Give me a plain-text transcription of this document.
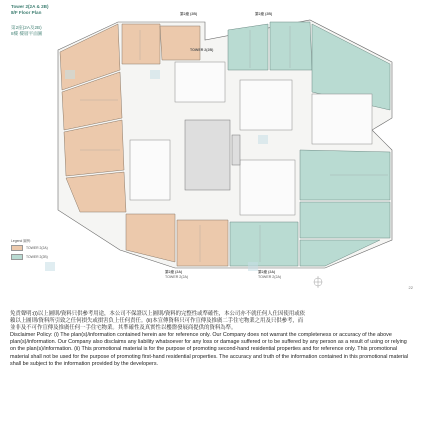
Tower 2(2A & 2B)
8/F Floor Plan
第2座(2A及2B)
8樓 樓層平面圖
第2座 (2B)	第2座 (2B)
TOWER 2(2B)
第2座 (2A)
TOWER 2(2A)
第2座 (2A)
TOWER 2(2A)
Legend 圖例:
TOWER 2(2A)
TOWER 2(2B)
22

免責聲明:(i)以上圖則/資料只供參考用途，本公司不保證以上圖則/資料的完整性或準確性，本公司亦不就任何人仕因使用或依

賴以上圖則/資料所引致之任何損失或損害負上任何責任。(ii)本宣傳資料只可作宣傳及推廣二手住宅物業之用及只供參考，而

並非及不可作宣傳及推廣任何一手住宅物業。其準確性及真實性以樓盤發展商提供的資料為準。

Disclaimer Policy: (i) The plan(s)/information contained herein are for reference only. Our Company does not warrant the completeness or accuracy of the above plan(s)/information. Our Company also disclaims any liability whatsoever for any loss or damage suffered or to be suffered by any person as a result of using or relying on the plan(s)/information. (ii) This promotional material is for the purpose of promoting second-hand residential properties and for reference only. This promotional material shall not be used for the purpose of promoting first-hand residential properties. The accuracy and truth of the information contained in this promotional material shall be subject to the information provided by the developers.
